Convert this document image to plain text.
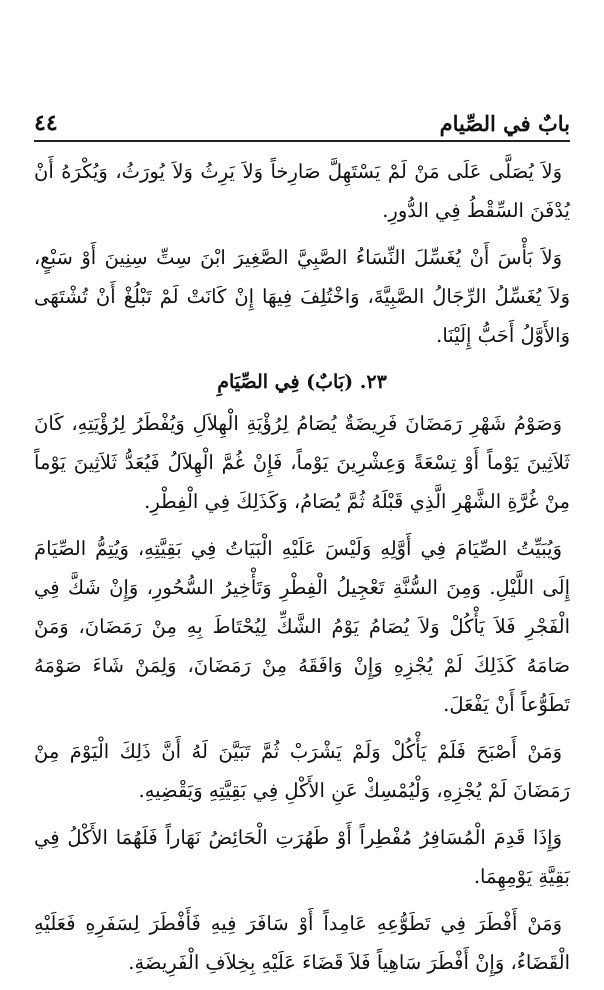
بابٌ في الصِّيام
٤٤

وَلاَ يُصَلَّى عَلَى مَنْ لَمْ يَسْتَهِلَّ صَارِخاً وَلاَ يَرِثُ وَلاَ يُورَثُ، وَيُكْرَهُ أَنْ يُدْفَنَ السِّقْطُ فِي الدُّورِ.

وَلاَ بَأْسَ أَنْ يُغَسِّلَ النِّسَاءُ الصَّبِيَّ الصَّغِيرَ ابْنَ سِتِّ سِنِينَ أَوْ سَبْعٍ، وَلاَ يُغَسِّلُ الرِّجَالُ الصَّبِيَّةَ، وَاخْتُلِفَ فِيهَا إِنْ كَانَتْ لَمْ تَبْلُغْ أَنْ تُشْتَهَى وَالأَوَّلُ أَحَبُّ إِلَيْنَا.

٢٣. (بَابٌ) فِي الصِّيَامِ

وَصَوْمُ شَهْرِ رَمَضَانَ فَرِيضَةٌ يُصَامُ لِرُؤْيَةِ الْهِلاَلِ وَيُفْطَرُ لِرُؤْيَتِهِ، كَانَ ثَلاَثِينَ يَوْماً أَوْ تِسْعَةً وَعِشْرِينَ يَوْماً، فَإِنْ غُمَّ الْهِلاَلُ فَيُعَدُّ ثَلاَثِينَ يَوْماً مِنْ غُرَّةِ الشَّهْرِ الَّذِي قَبْلَهُ ثُمَّ يُصَامُ، وَكَذَلِكَ فِي الْفِطْرِ.

وَيُبَيِّتُ الصِّيَامَ فِي أَوَّلِهِ وَلَيْسَ عَلَيْهِ الْبَيَاتُ فِي بَقِيَّتِهِ، وَيُتِمُّ الصِّيَامَ إِلَى اللَّيْلِ. وَمِنَ السُّنَّةِ تَعْجِيلُ الْفِطْرِ وَتَأْخِيرُ السُّحُورِ، وَإِنْ شَكَّ فِي الْفَجْرِ فَلاَ يَأْكُلْ وَلاَ يُصَامُ يَوْمُ الشَّكِّ لِيُحْتَاطَ بِهِ مِنْ رَمَضَانَ، وَمَنْ صَامَهُ كَذَلِكَ لَمْ يُجْزِهِ وَإِنْ وَافَقَهُ مِنْ رَمَضَانَ، وَلِمَنْ شَاءَ صَوْمَهُ تَطَوُّعاً أَنْ يَفْعَلَ.

وَمَنْ أَصْبَحَ فَلَمْ يَأْكُلْ وَلَمْ يَشْرَبْ ثُمَّ تَبَيَّنَ لَهُ أَنَّ ذَلِكَ الْيَوْمَ مِنْ رَمَضَانَ لَمْ يُجْزِهِ، وَلْيُمْسِكْ عَنِ الأَكْلِ فِي بَقِيَّتِهِ وَيَقْضِيهِ.

وَإِذَا قَدِمَ الْمُسَافِرُ مُفْطِراً أَوْ طَهُرَتِ الْحَائِضُ نَهَاراً فَلَهُمَا الأَكْلُ فِي بَقِيَّةِ يَوْمِهِمَا.

وَمَنْ أَفْطَرَ فِي تَطَوُّعِهِ عَامِداً أَوْ سَافَرَ فِيهِ فَأَفْطَرَ لِسَفَرِهِ فَعَلَيْهِ الْقَضَاءُ، وَإِنْ أَفْطَرَ سَاهِياً فَلاَ قَضَاءَ عَلَيْهِ بِخِلاَفِ الْفَرِيضَةِ.
